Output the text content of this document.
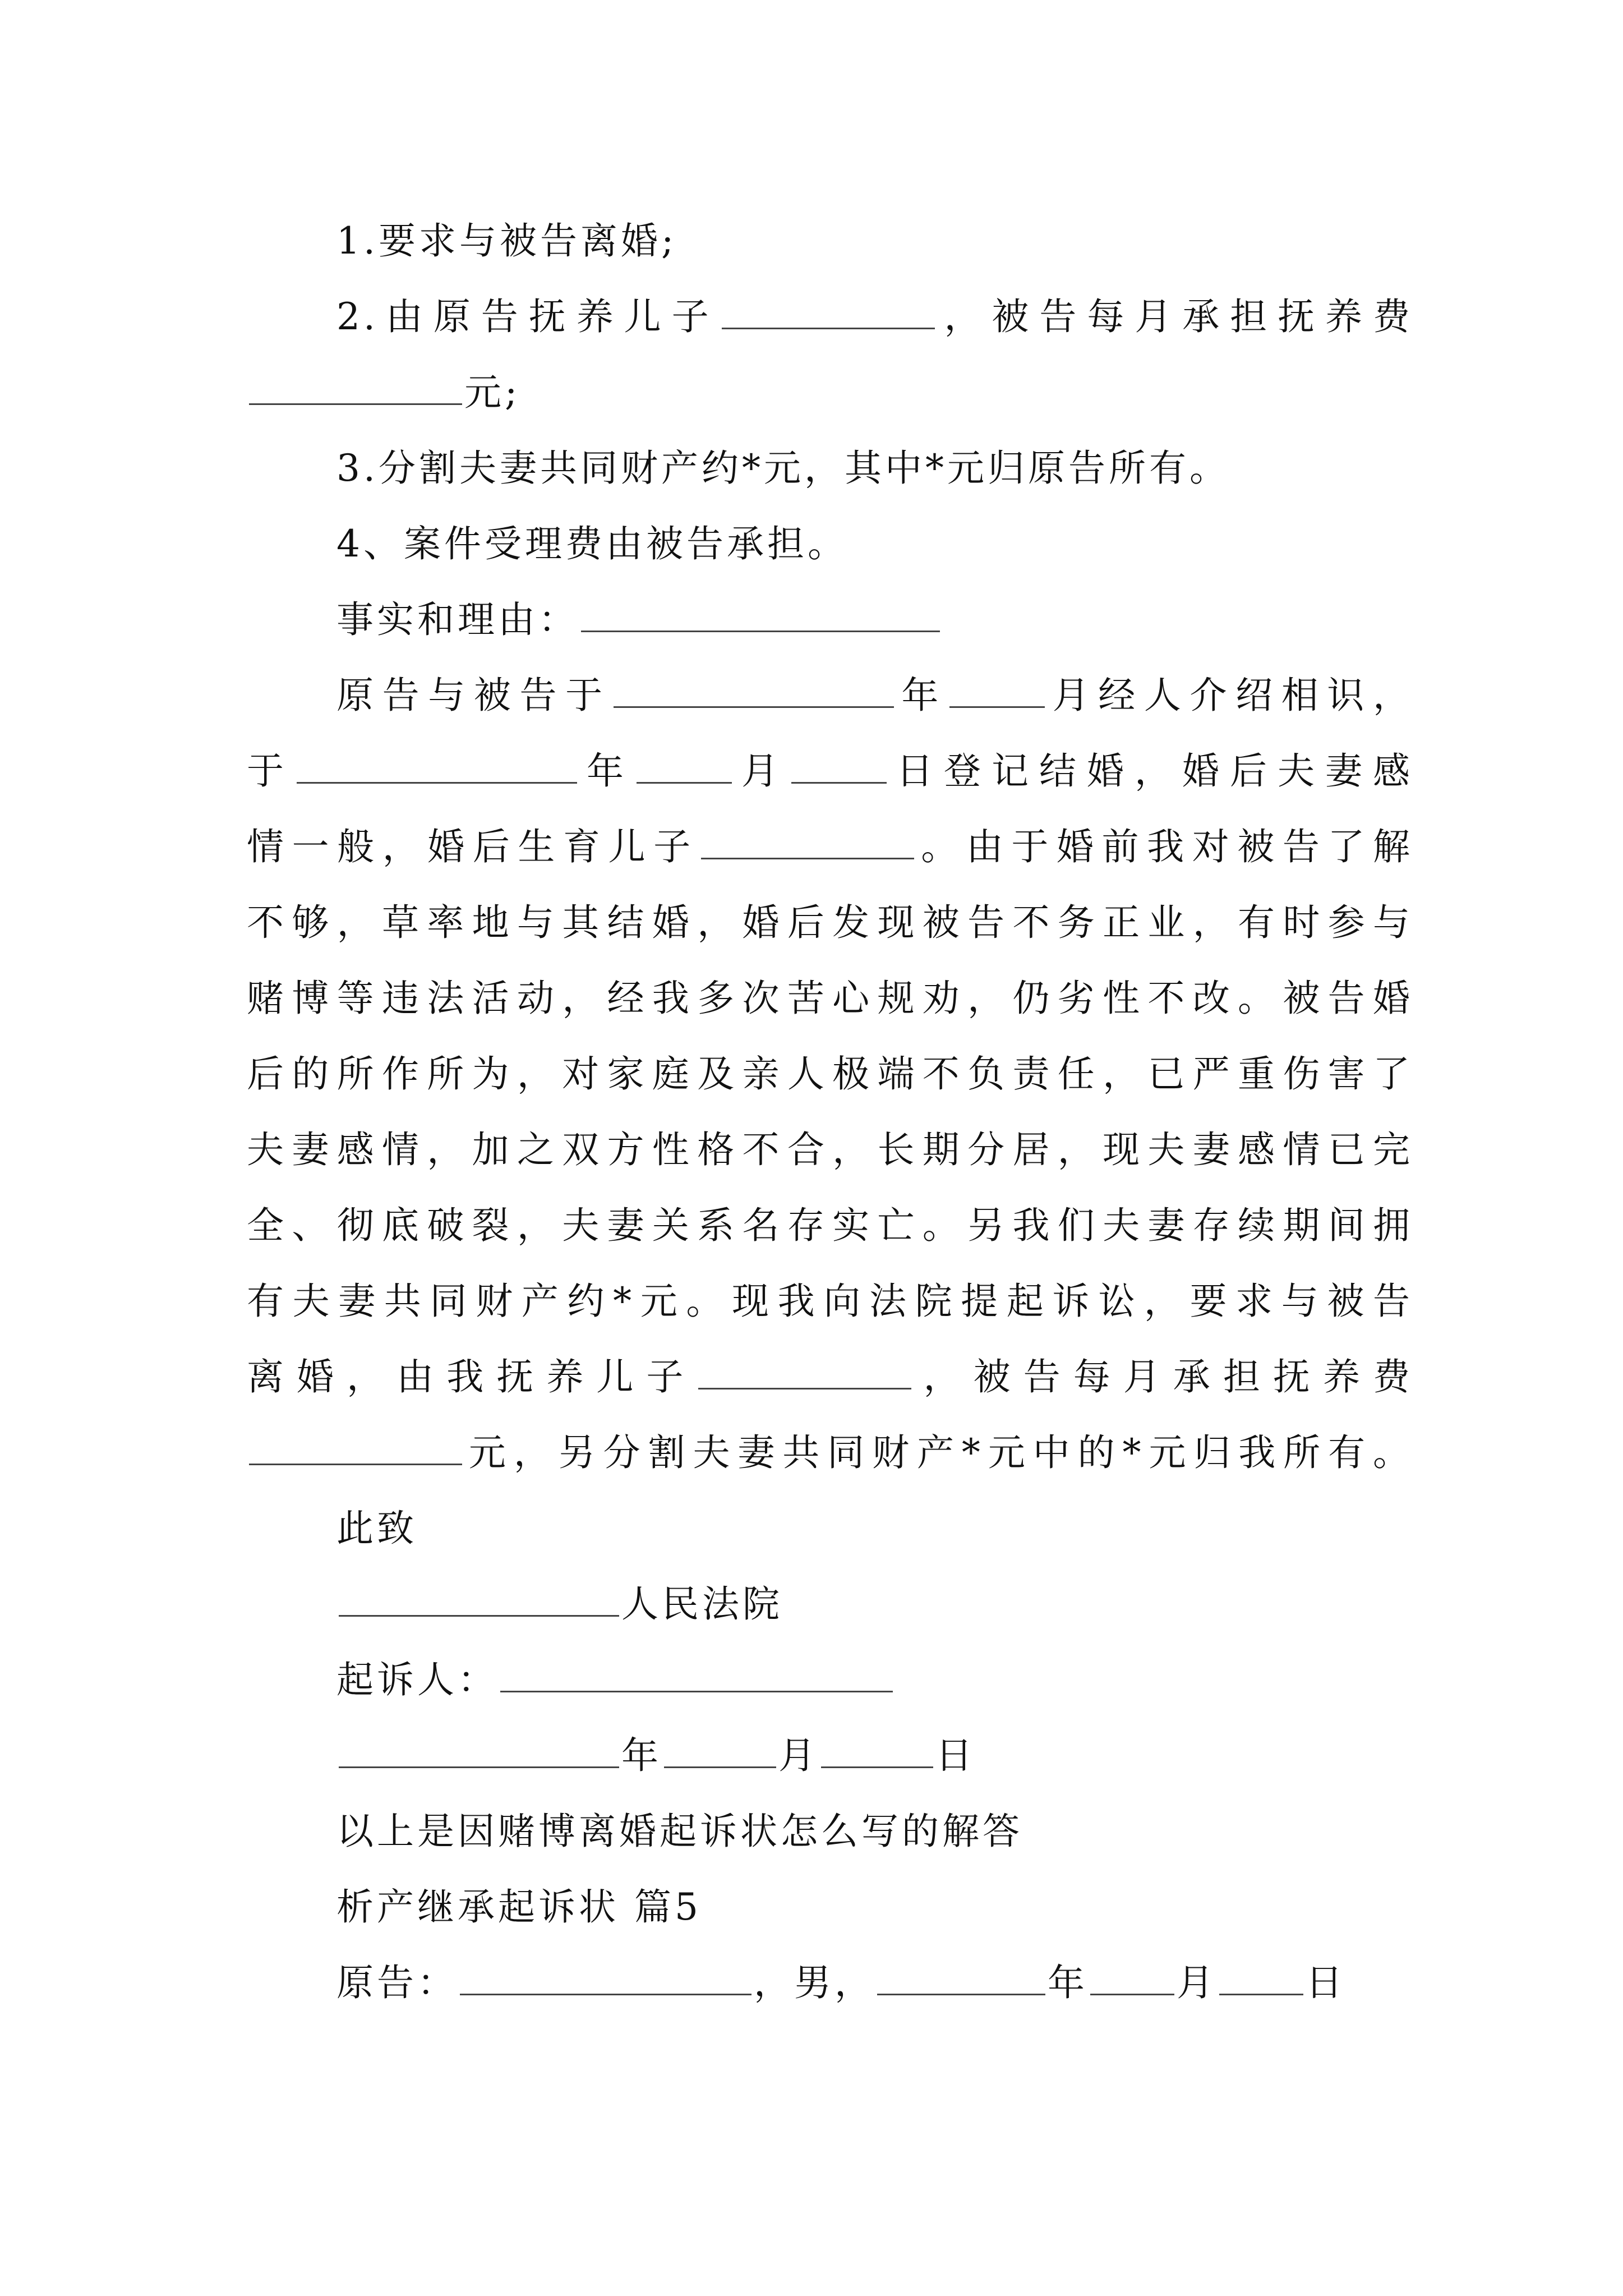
1.要求与被告离婚;
2.由原告抚养儿子	，被告每月承担抚养费
元;
3.分割夫妻共同财产约*元，其中*元归原告所有。
4、案件受理费由被告承担。
事实和理由：
原告与被告于	年	月经人介绍相识，
于	年	月	日登记结婚，婚后夫妻感
情一般，婚后生育儿子	。由于婚前我对被告了解
不够，草率地与其结婚，婚后发现被告不务正业，有时参与
赌博等违法活动，经我多次苦心规劝，仍劣性不改。被告婚
后的所作所为，对家庭及亲人极端不负责任，已严重伤害了
夫妻感情，加之双方性格不合，长期分居，现夫妻感情已完
全、彻底破裂，夫妻关系名存实亡。另我们夫妻存续期间拥
有夫妻共同财产约*元。现我向法院提起诉讼，要求与被告
离婚，由我抚养儿子	，被告每月承担抚养费
元，另分割夫妻共同财产*元中的*元归我所有。
此致
人民法院
起诉人：
年	月	日
以上是因赌博离婚起诉状怎么写的解答
析产继承起诉状 篇5
原告：	，男，	年 月 日
